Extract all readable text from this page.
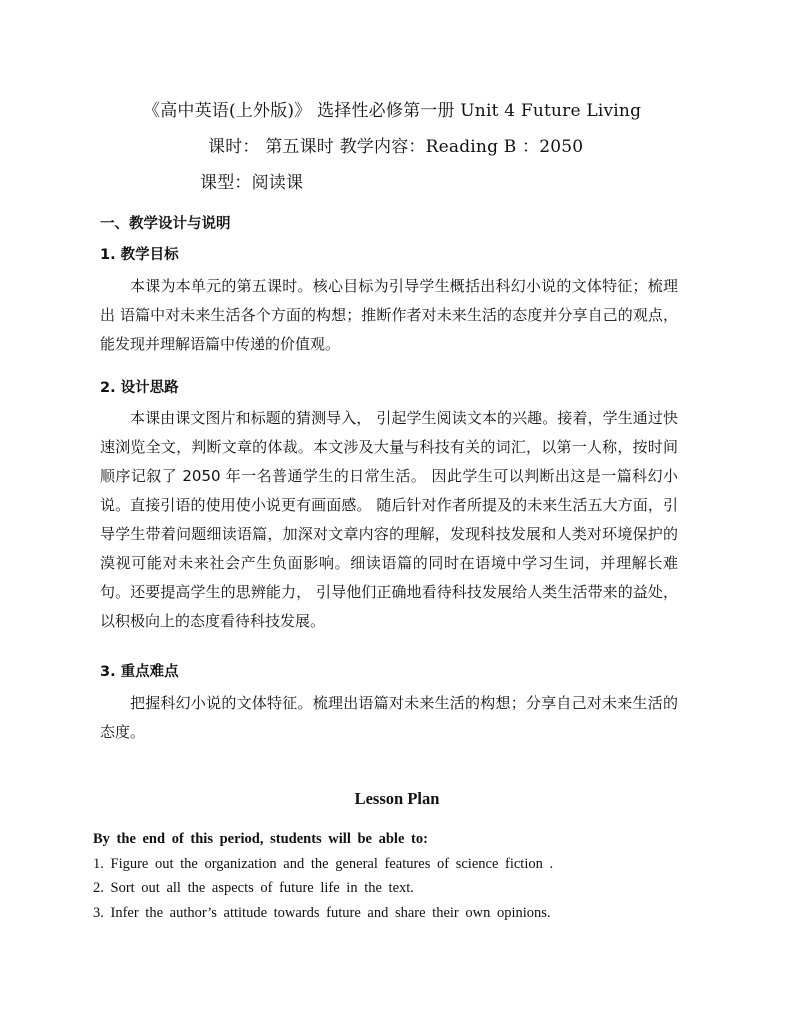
《高中英语(上外版)》 选择性必修第一册 Unit 4 Future Living
课时： 第五课时 教学内容：Reading B ：2050
课型：阅读课
一、教学设计与说明
1. 教学目标
本课为本单元的第五课时。核心目标为引导学生概括出科幻小说的文体特征；梳理出 语篇中对未来生活各个方面的构想；推断作者对未来生活的态度并分享自己的观点，能发现并理解语篇中传递的价值观。
2. 设计思路
本课由课文图片和标题的猜测导入， 引起学生阅读文本的兴趣。接着，学生通过快速浏览全文，判断文章的体裁。本文涉及大量与科技有关的词汇，以第一人称，按时间顺序记叙了 2050 年一名普通学生的日常生活。 因此学生可以判断出这是一篇科幻小说。直接引语的使用使小说更有画面感。 随后针对作者所提及的未来生活五大方面，引导学生带着问题细读语篇，加深对文章内容的理解，发现科技发展和人类对环境保护的漠视可能对未来社会产生负面影响。细读语篇的同时在语境中学习生词，并理解长难句。还要提高学生的思辨能力， 引导他们正确地看待科技发展给人类生活带来的益处，以积极向上的态度看待科技发展。
3. 重点难点
把握科幻小说的文体特征。梳理出语篇对未来生活的构想；分享自己对未来生活的态度。
Lesson Plan
By the end of this period, students will be able to:
1. Figure out the organization and the general features of science fiction .
2. Sort out all the aspects of future life in the text.
3. Infer the author’s attitude towards future and share their own opinions.
